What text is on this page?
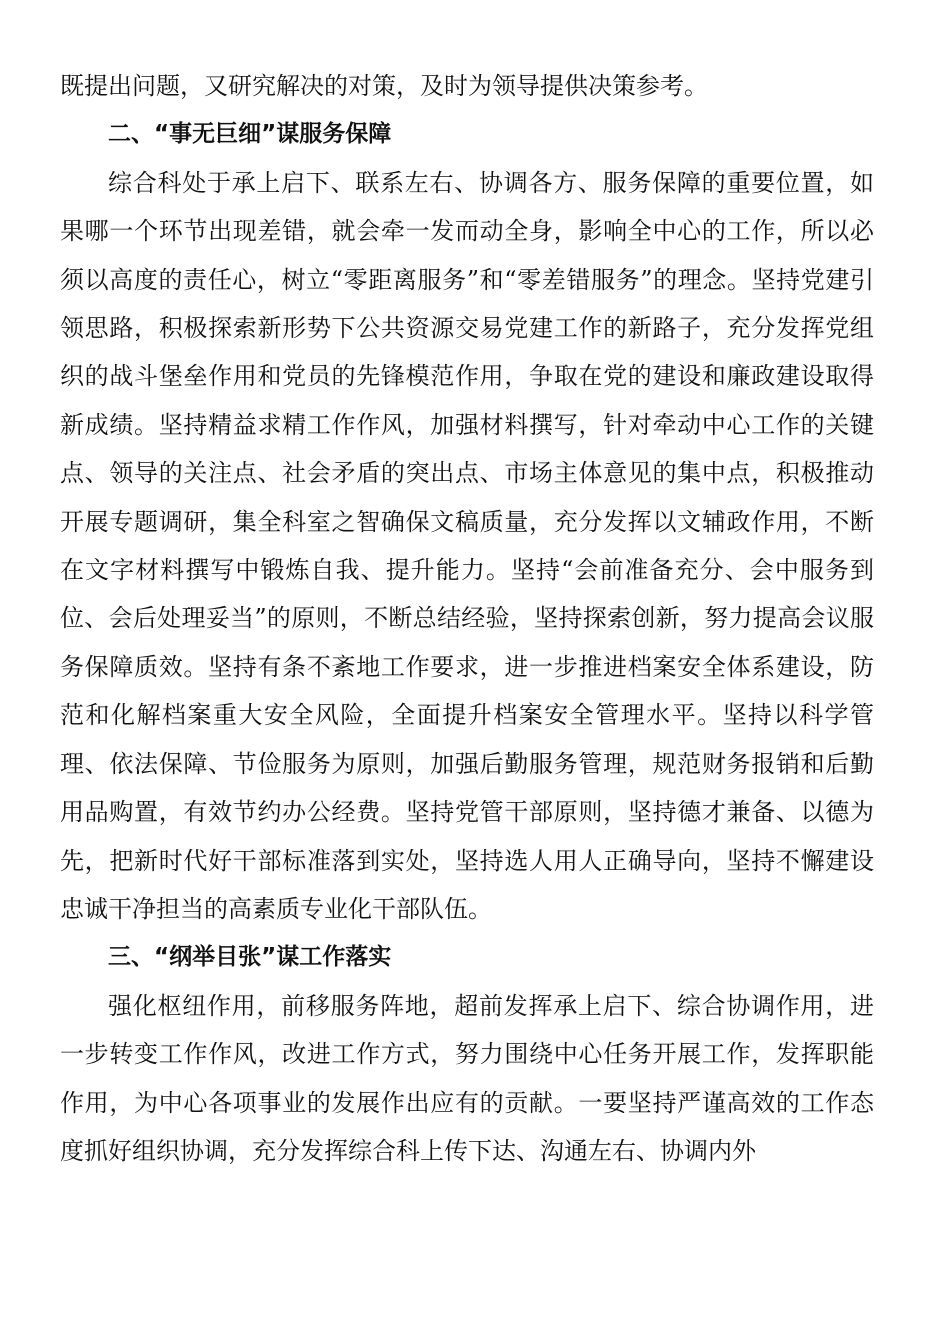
既提出问题，又研究解决的对策，及时为领导提供决策参考。

二、“事无巨细”谋服务保障

综合科处于承上启下、联系左右、协调各方、服务保障的重要位置，如果哪一个环节出现差错，就会牵一发而动全身，影响全中心的工作，所以必须以高度的责任心，树立“零距离服务”和“零差错服务”的理念。坚持党建引领思路，积极探索新形势下公共资源交易党建工作的新路子，充分发挥党组织的战斗堡垒作用和党员的先锋模范作用，争取在党的建设和廉政建设取得新成绩。坚持精益求精工作作风，加强材料撰写，针对牵动中心工作的关键点、领导的关注点、社会矛盾的突出点、市场主体意见的集中点，积极推动开展专题调研，集全科室之智确保文稿质量，充分发挥以文辅政作用，不断在文字材料撰写中锻炼自我、提升能力。坚持“会前准备充分、会中服务到位、会后处理妥当”的原则，不断总结经验，坚持探索创新，努力提高会议服务保障质效。坚持有条不紊地工作要求，进一步推进档案安全体系建设，防范和化解档案重大安全风险，全面提升档案安全管理水平。坚持以科学管理、依法保障、节俭服务为原则，加强后勤服务管理，规范财务报销和后勤用品购置，有效节约办公经费。坚持党管干部原则，坚持德才兼备、以德为先，把新时代好干部标准落到实处，坚持选人用人正确导向，坚持不懈建设忠诚干净担当的高素质专业化干部队伍。

三、“纲举目张”谋工作落实

强化枢纽作用，前移服务阵地，超前发挥承上启下、综合协调作用，进一步转变工作作风，改进工作方式，努力围绕中心任务开展工作，发挥职能作用，为中心各项事业的发展作出应有的贡献。一要坚持严谨高效的工作态度抓好组织协调，充分发挥综合科上传下达、沟通左右、协调内外
